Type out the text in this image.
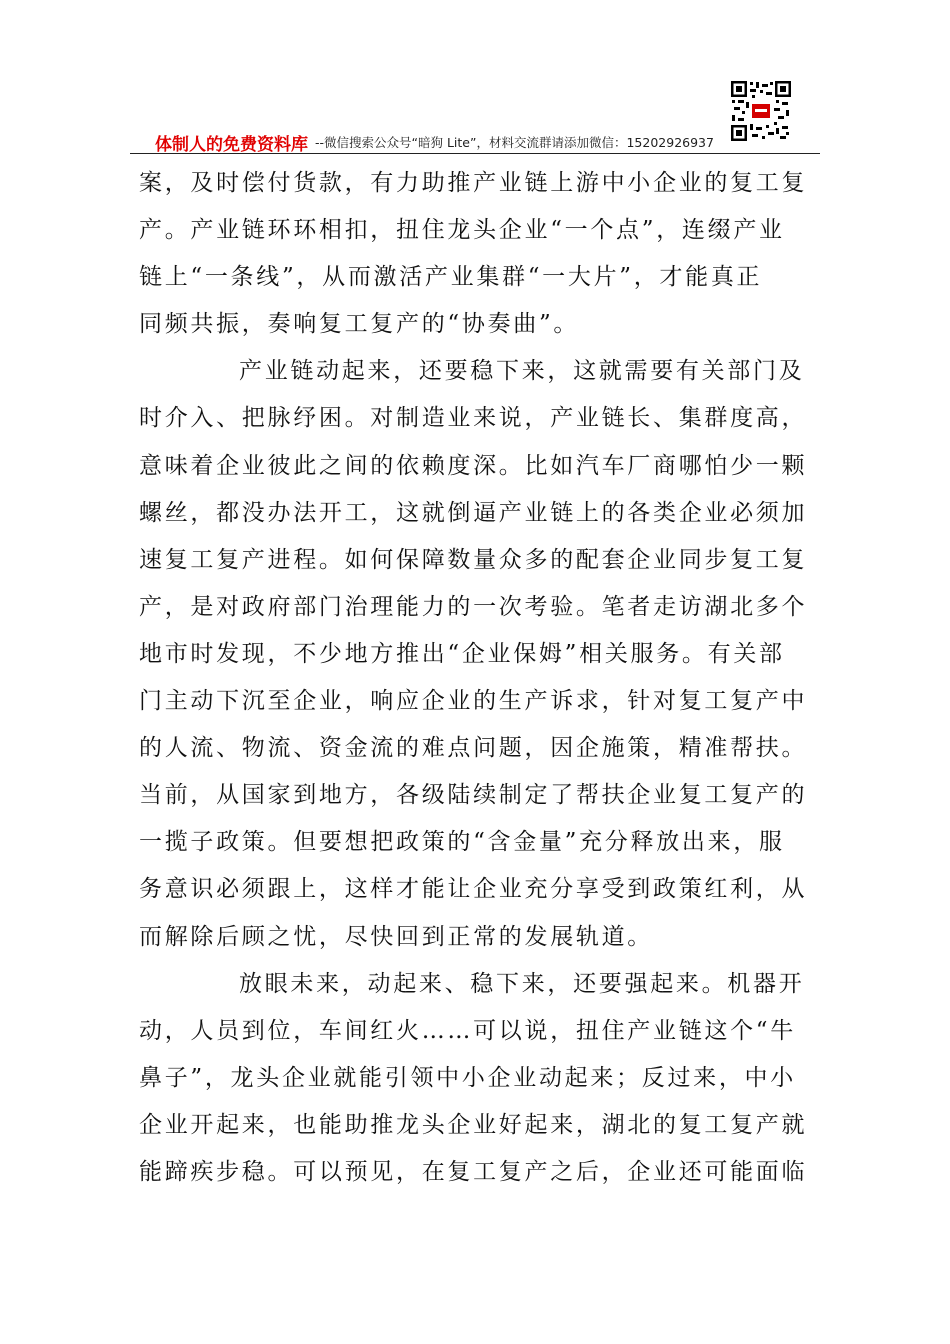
体制人的免费资料库 --微信搜索公众号“暗狗 Lite”，材料交流群请添加微信：15202926937
案，及时偿付货款，有力助推产业链上游中小企业的复工复
产。产业链环环相扣，扭住龙头企业“一个点”，连缀产业
链上“一条线”，从而激活产业集群“一大片”，才能真正
同频共振，奏响复工复产的“协奏曲”。
产业链动起来，还要稳下来，这就需要有关部门及
时介入、把脉纾困。对制造业来说，产业链长、集群度高，
意味着企业彼此之间的依赖度深。比如汽车厂商哪怕少一颗
螺丝，都没办法开工，这就倒逼产业链上的各类企业必须加
速复工复产进程。如何保障数量众多的配套企业同步复工复
产，是对政府部门治理能力的一次考验。笔者走访湖北多个
地市时发现，不少地方推出“企业保姆”相关服务。有关部
门主动下沉至企业，响应企业的生产诉求，针对复工复产中
的人流、物流、资金流的难点问题，因企施策，精准帮扶。
当前，从国家到地方，各级陆续制定了帮扶企业复工复产的
一揽子政策。但要想把政策的“含金量”充分释放出来，服
务意识必须跟上，这样才能让企业充分享受到政策红利，从
而解除后顾之忧，尽快回到正常的发展轨道。
放眼未来，动起来、稳下来，还要强起来。机器开
动，人员到位，车间红火……可以说，扭住产业链这个“牛
鼻子”，龙头企业就能引领中小企业动起来；反过来，中小
企业开起来，也能助推龙头企业好起来，湖北的复工复产就
能蹄疾步稳。可以预见，在复工复产之后，企业还可能面临
